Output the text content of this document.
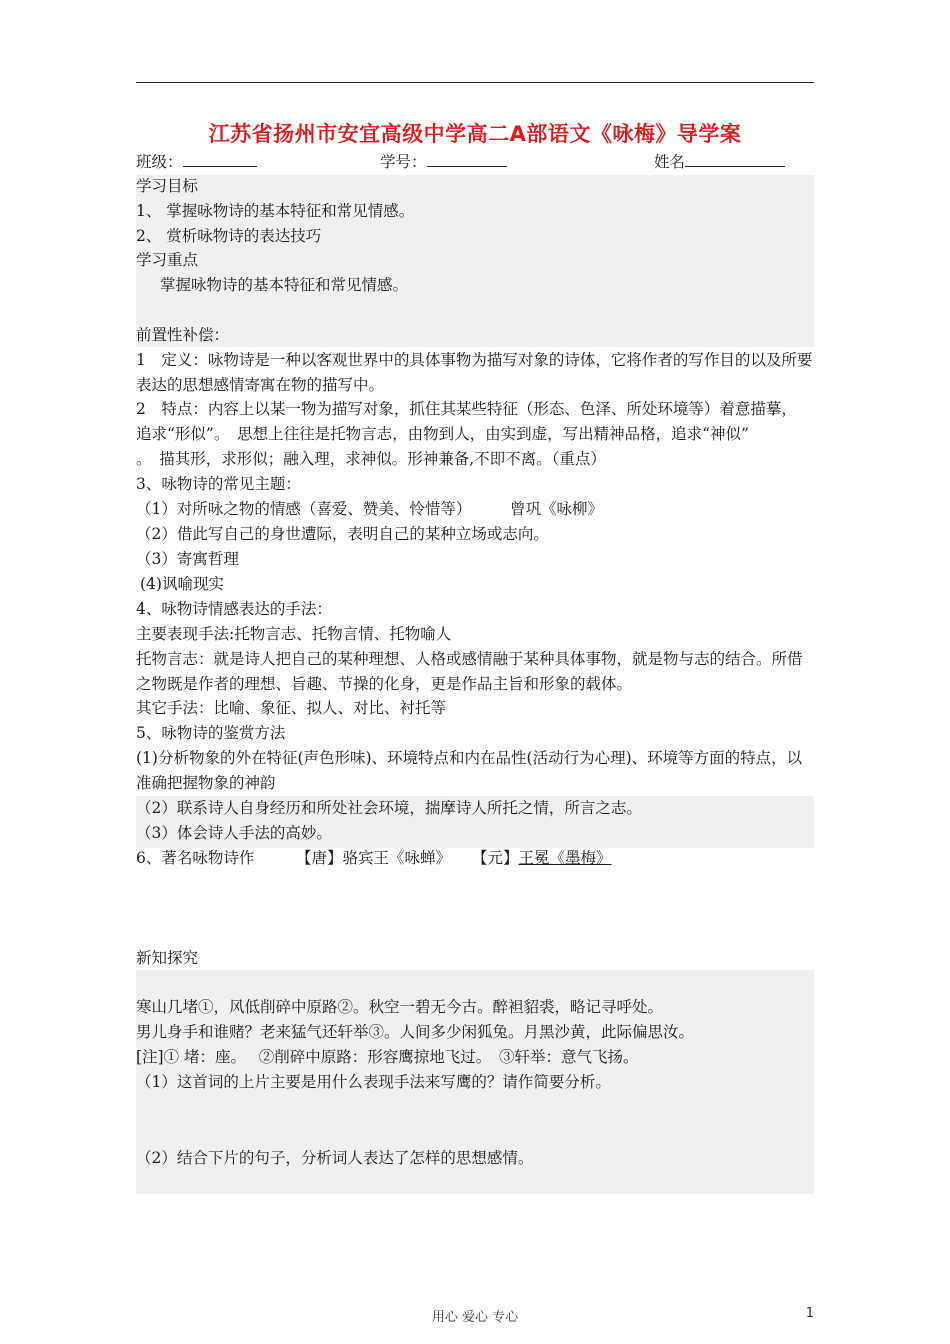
江苏省扬州市安宜高级中学高二A部语文《咏梅》导学案
班级：	学号：	姓名
学习目标
1、 掌握咏物诗的基本特征和常见情感。
2、 赏析咏物诗的表达技巧
学习重点
掌握咏物诗的基本特征和常见情感。
前置性补偿：
1　定义：咏物诗是一种以客观世界中的具体事物为描写对象的诗体，它将作者的写作目的以及所要表达的思想感情寄寓在物的描写中。
2　特点：内容上以某一物为描写对象，抓住其某些特征（形态、色泽、所处环境等）着意描摹，
追求“形似”。　思想上往往是托物言志，由物到人，由实到虚，写出精神品格，追求“神似”
。　描其形，求形似；融入理，求神似。形神兼备,不即不离。（重点）
3、咏物诗的常见主题：
（1）对所咏之物的情感（喜爱、赞美、怜惜等） 曾巩《咏柳》
（2）借此写自己的身世遭际，表明自己的某种立场或志向。
（3）寄寓哲理
(4)讽喻现实
4、咏物诗情感表达的手法：
主要表现手法:托物言志、托物言情、托物喻人
托物言志：就是诗人把自己的某种理想、人格或感情融于某种具体事物，就是物与志的结合。所借之物既是作者的理想、旨趣、节操的化身，更是作品主旨和形象的载体。
其它手法：比喻、象征、拟人、对比、衬托等
5、咏物诗的鉴赏方法
(1)分析物象的外在特征(声色形味)、环境特点和内在品性(活动行为心理)、环境等方面的特点，以准确把握物象的神韵
（2）联系诗人自身经历和所处社会环境，揣摩诗人所托之情，所言之志。
（3）体会诗人手法的高妙。
6、著名咏物诗作	【唐】骆宾王《咏蝉》 【元】王冕《墨梅》
新知探究
寒山几堵①，风低削碎中原路②。秋空一碧无今古。醉袒貂裘，略记寻呼处。
男儿身手和谁赌？老来猛气还轩举③。人间多少闲狐兔。月黑沙黄，此际偏思汝。
[注]① 堵：座。　 ②削碎中原路：形容鹰掠地飞过。　③轩举：意气飞扬。
（1）这首词的上片主要是用什么表现手法来写鹰的？请作简要分析。
（2）结合下片的句子，分析词人表达了怎样的思想感情。
用心 爱心 专心	1
